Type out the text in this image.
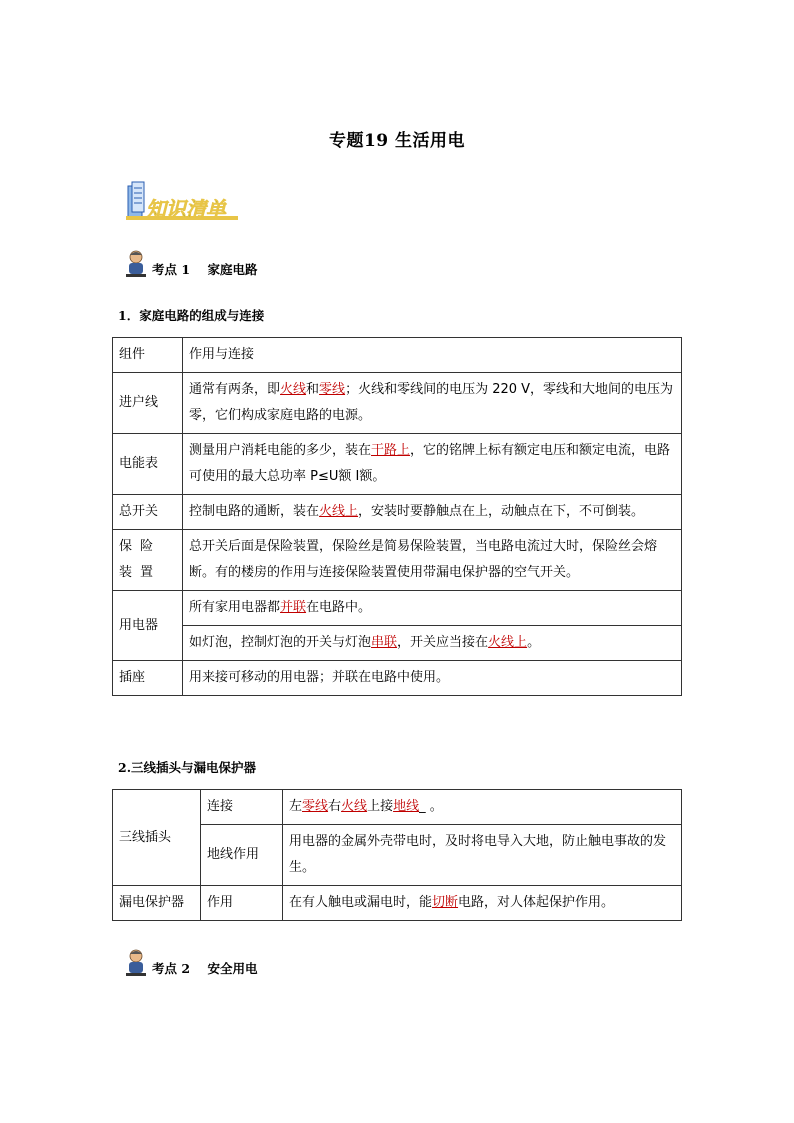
专题19 生活用电
知识清单
考点 1    家庭电路
1．家庭电路的组成与连接
组件	作用与连接
进户线	通常有两条，即火线和零线；火线和零线间的电压为 220 V，零线和大地间的电压为零，它们构成家庭电路的电源。
电能表	测量用户消耗电能的多少，装在干路上，它的铭牌上标有额定电压和额定电流，电路可使用的最大总功率 P≤U额 I额。
总开关	控制电路的通断，装在火线上，安装时要静触点在上，动触点在下，不可倒装。
保险装置	总开关后面是保险装置，保险丝是简易保险装置，当电路电流过大时，保险丝会熔断。有的楼房的作用与连接保险装置使用带漏电保护器的空气开关。
用电器	所有家用电器都并联在电路中。
	如灯泡，控制灯泡的开关与灯泡串联，开关应当接在火线上。
插座	用来接可移动的用电器；并联在电路中使用。
2.三线插头与漏电保护器
三线插头	连接	左零线右火线上接地线_ 。
	地线作用	用电器的金属外壳带电时，及时将电导入大地，防止触电事故的发生。
漏电保护器	作用	在有人触电或漏电时，能切断电路，对人体起保护作用。
考点 2    安全用电
